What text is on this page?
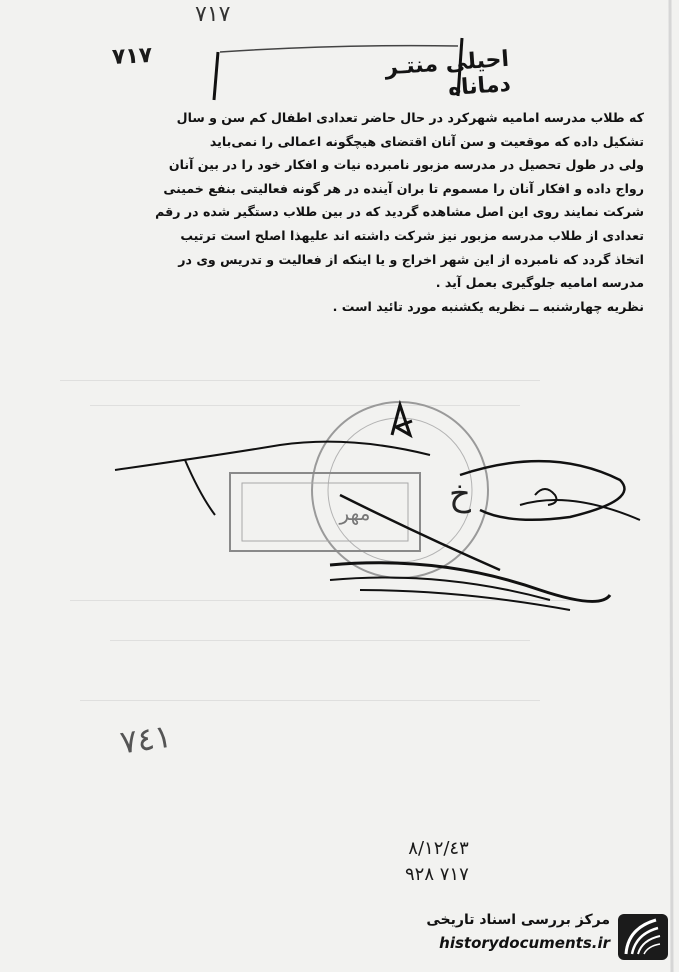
٧١٧
٧١٧	احیلی منتـر دماناه
که طلاب مدرسه امامیه شهرکرد در حال حاضر تعدادی اطفال کم سن و سال
تشکیل داده که موقعیت و سن آنان اقتضای هیچگونه اعمالی را نمی‌باید
ولی در طول تحصیل در مدرسه مزبور نامبرده نیات و افکار خود را در بین آنان
رواج داده و افکار آنان را مسموم تا بران آینده در هر گونه فعالیتی بنفع خمینی
شرکت نمایند روی این اصل مشاهده گردید که در بین طلاب دستگیر شده در رقم
تعدادی از طلاب مدرسه مزبور نیز شرکت داشته اند علیهذا اصلح است ترتیب
اتخاذ گردد که نامبرده از این شهر اخراج و یا اینکه از فعالیت و تدریس وی در
مدرسه امامیه جلوگیری بعمل آید .
نظریه چهارشنبه ــ نظریه یکشنبه مورد تائید است .
مهر خ
٧٤١
٨/١٢/٤٣
٧١٧ ٩٢٨
مرکز بررسی اسناد تاریخی
historydocuments.ir
